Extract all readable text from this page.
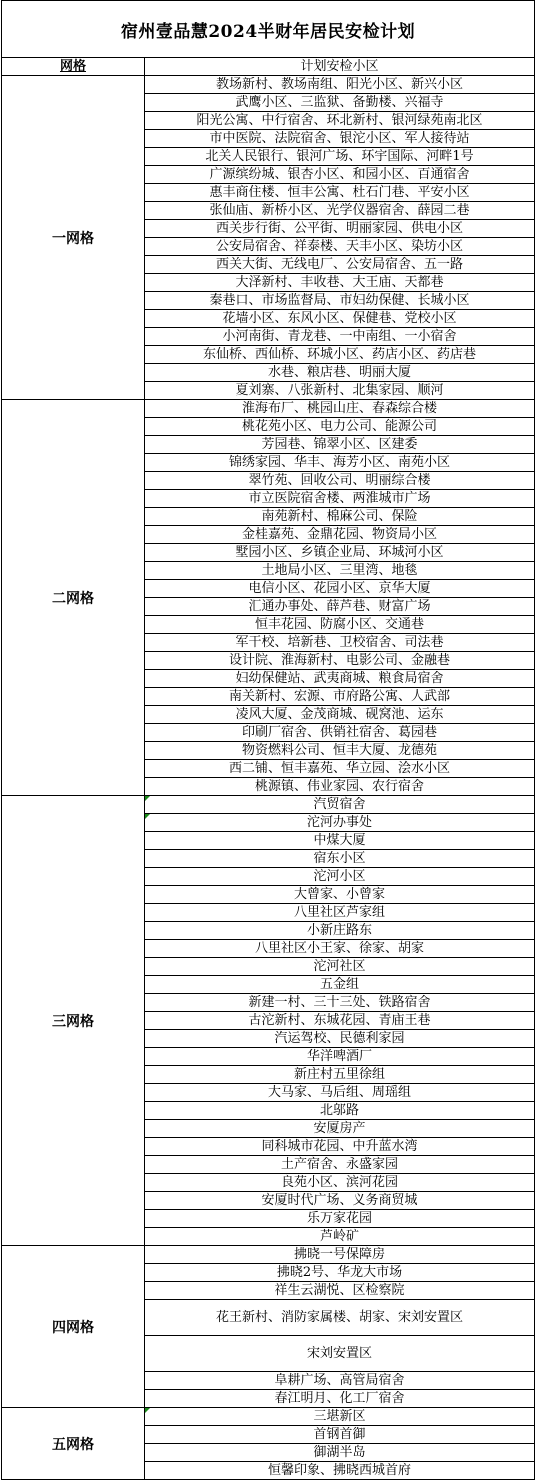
宿州壹品慧2024半财年居民安检计划	
网格	计划安检小区
一网格	教场新村、教场南组、阳光小区、新兴小区
	武鹰小区、三监狱、备勤楼、兴福寺
	阳光公寓、中行宿舍、环北新村、银河绿苑南北区
	市中医院、法院宿舍、银沱小区、军人接待站
	北关人民银行、银河广场、环宇国际、河畔1号
	广源缤纷城、银杏小区、和园小区、百通宿舍
	惠丰商住楼、恒丰公寓、杜石门巷、平安小区
	张仙庙、新桥小区、光学仪器宿舍、薛园二巷
	西关步行街、公平街、明丽家园、供电小区
	公安局宿舍、祥泰楼、天丰小区、染坊小区
	西关大街、无线电厂、公安局宿舍、五一路
	大泽新村、丰收巷、大王庙、天都巷
	秦巷口、市场监督局、市妇幼保健、长城小区
	花墙小区、东风小区、保健巷、党校小区
	小河南街、青龙巷、一中南组、一小宿舍
	东仙桥、西仙桥、环城小区、药店小区、药店巷
	水巷、粮店巷、明丽大厦
	夏刘寨、八张新村、北集家园、顺河
二网格	淮海布厂、桃园山庄、春森综合楼
	桃花苑小区、电力公司、能源公司
	芳园巷、锦翠小区、区建委
	锦绣家园、华丰、海芳小区、南苑小区
	翠竹苑、回收公司、明丽综合楼
	市立医院宿舍楼、两淮城市广场
	南苑新村、棉麻公司、保险
	金桂嘉苑、金鼎花园、物资局小区
	墅园小区、乡镇企业局、环城河小区
	土地局小区、三里湾、地毯
	电信小区、花园小区、京华大厦
	汇通办事处、薛芦巷、财富广场
	恒丰花园、防腐小区、交通巷
	军干校、培新巷、卫校宿舍、司法巷
	设计院、淮海新村、电影公司、金融巷
	妇幼保健站、武夷商城、粮食局宿舍
	南关新村、宏源、市府路公寓、人武部
	凌风大厦、金茂商城、砚窝池、运东
	印刷厂宿舍、供销社宿舍、葛园巷
	物资燃料公司、恒丰大厦、龙德苑
	西二铺、恒丰嘉苑、华立园、浍水小区
	桃源镇、伟业家园、农行宿舍
三网格	汽贸宿舍
	沱河办事处
	中煤大厦
	宿东小区
	沱河小区
	大曾家、小曾家
	八里社区芦家组
	小新庄路东
	八里社区小王家、徐家、胡家
	沱河社区
	五金组
	新建一村、三十三处、铁路宿舍
	古沱新村、东城花园、青庙王巷
	汽运驾校、民德利家园
	华洋啤酒厂
	新庄村五里徐组
	大马家、马后组、周瑶组
	北邬路
	安厦房产
	同科城市花园、中升蓝水湾
	土产宿舍、永盛家园
	良苑小区、滨河花园
	安厦时代广场、义务商贸城
	乐万家花园
	芦岭矿
四网格	拂晓一号保障房
	拂晓2号、华龙大市场
	祥生云湖悦、区检察院
	花王新村、消防家属楼、胡家、宋刘安置区
	宋刘安置区
	阜耕广场、高管局宿舍
	春江明月、化工厂宿舍
五网格	三堪新区
	首钢首御
	御湖半岛
	恒馨印象、拂晓西城首府
